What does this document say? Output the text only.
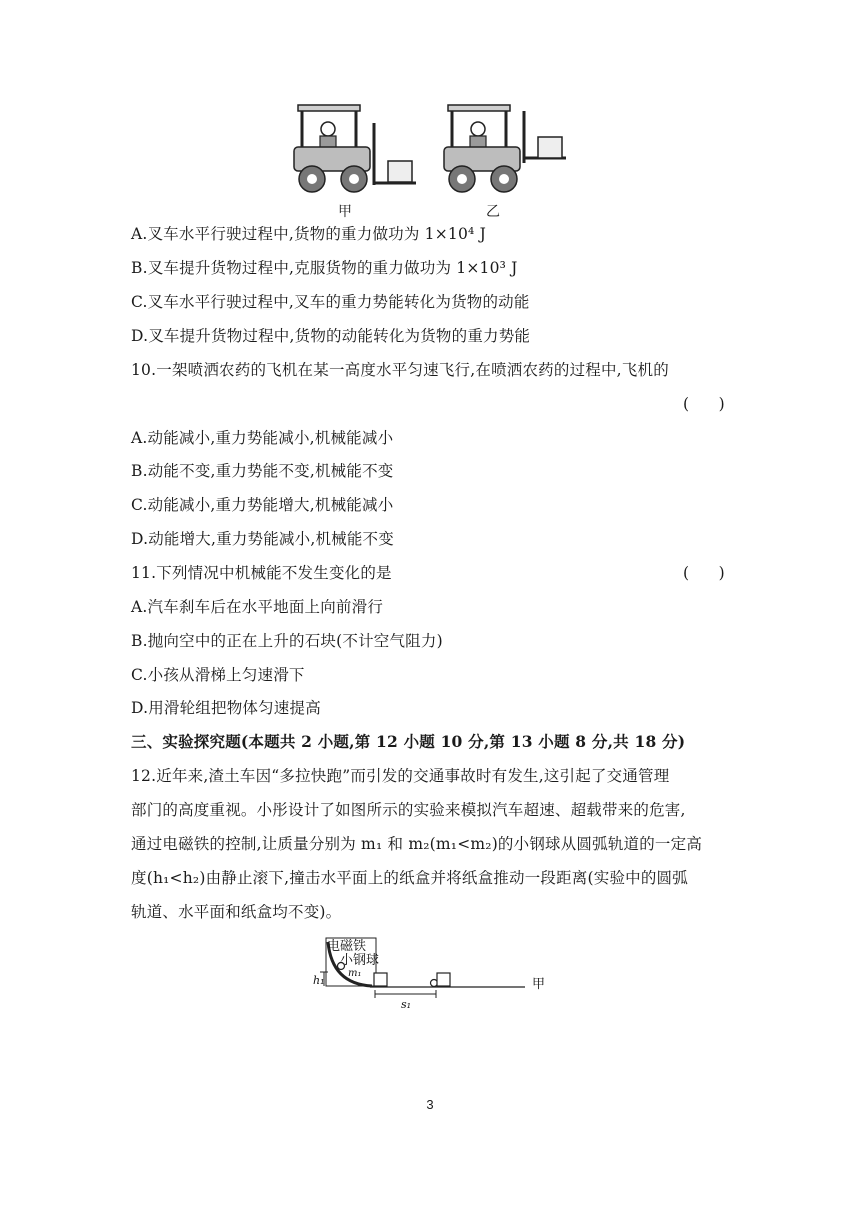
甲	乙
A.叉车水平行驶过程中,货物的重力做功为 1×10⁴ J
B.叉车提升货物过程中,克服货物的重力做功为 1×10³ J
C.叉车水平行驶过程中,叉车的重力势能转化为货物的动能
D.叉车提升货物过程中,货物的动能转化为货物的重力势能
10.一架喷洒农药的飞机在某一高度水平匀速飞行,在喷洒农药的过程中,飞机的
(      )
A.动能减小,重力势能减小,机械能减小
B.动能不变,重力势能不变,机械能不变
C.动能减小,重力势能增大,机械能减小
D.动能增大,重力势能减小,机械能不变
11.下列情况中机械能不发生变化的是	(      )
A.汽车刹车后在水平地面上向前滑行
B.抛向空中的正在上升的石块(不计空气阻力)
C.小孩从滑梯上匀速滑下
D.用滑轮组把物体匀速提高
三、实验探究题(本题共 2 小题,第 12 小题 10 分,第 13 小题 8 分,共 18 分)
12.近年来,渣土车因“多拉快跑”而引发的交通事故时有发生,这引起了交通管理
部门的高度重视。小彤设计了如图所示的实验来模拟汽车超速、超载带来的危害,
通过电磁铁的控制,让质量分别为 m₁ 和 m₂(m₁<m₂)的小钢球从圆弧轨道的一定高
度(h₁<h₂)由静止滚下,撞击水平面上的纸盒并将纸盒推动一段距离(实验中的圆弧
轨道、水平面和纸盒均不变)。
电磁铁
小钢球
m₁
h₁
s₁
甲
3
